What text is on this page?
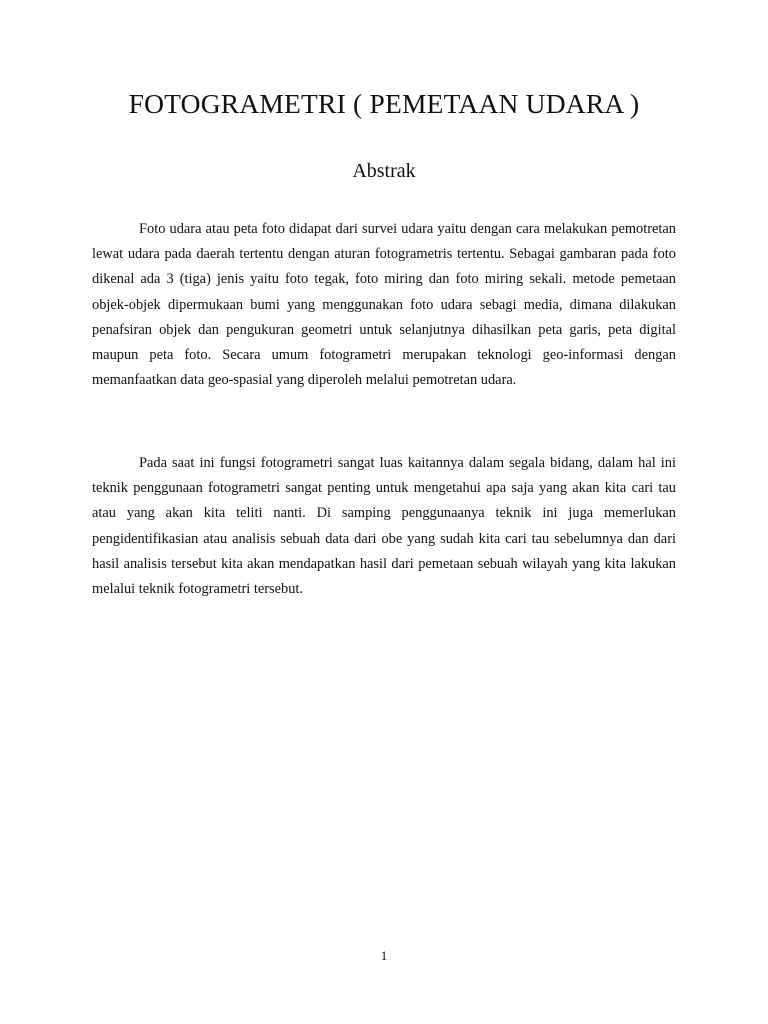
FOTOGRAMETRI ( PEMETAAN UDARA )
Abstrak

Foto udara atau peta foto didapat dari survei udara yaitu dengan cara melakukan pemotretan lewat udara pada daerah tertentu dengan aturan fotogrametris tertentu. Sebagai gambaran pada foto dikenal ada 3 (tiga) jenis yaitu foto tegak, foto miring dan foto miring sekali. metode pemetaan objek-objek dipermukaan bumi yang menggunakan foto udara sebagi media, dimana dilakukan penafsiran objek dan pengukuran geometri untuk selanjutnya dihasilkan peta garis, peta digital maupun peta foto. Secara umum fotogrametri merupakan teknologi geo-informasi dengan memanfaatkan data geo-spasial yang diperoleh melalui pemotretan udara.

Pada saat ini fungsi fotogrametri sangat luas kaitannya dalam segala bidang, dalam hal ini teknik penggunaan fotogrametri sangat penting untuk mengetahui apa saja yang akan kita cari tau atau yang akan kita teliti nanti. Di samping penggunaanya teknik ini juga memerlukan pengidentifikasian atau analisis sebuah data dari obe yang sudah kita cari tau sebelumnya dan dari hasil analisis tersebut kita akan mendapatkan hasil dari pemetaan sebuah wilayah yang kita lakukan melalui teknik fotogrametri tersebut.

1
